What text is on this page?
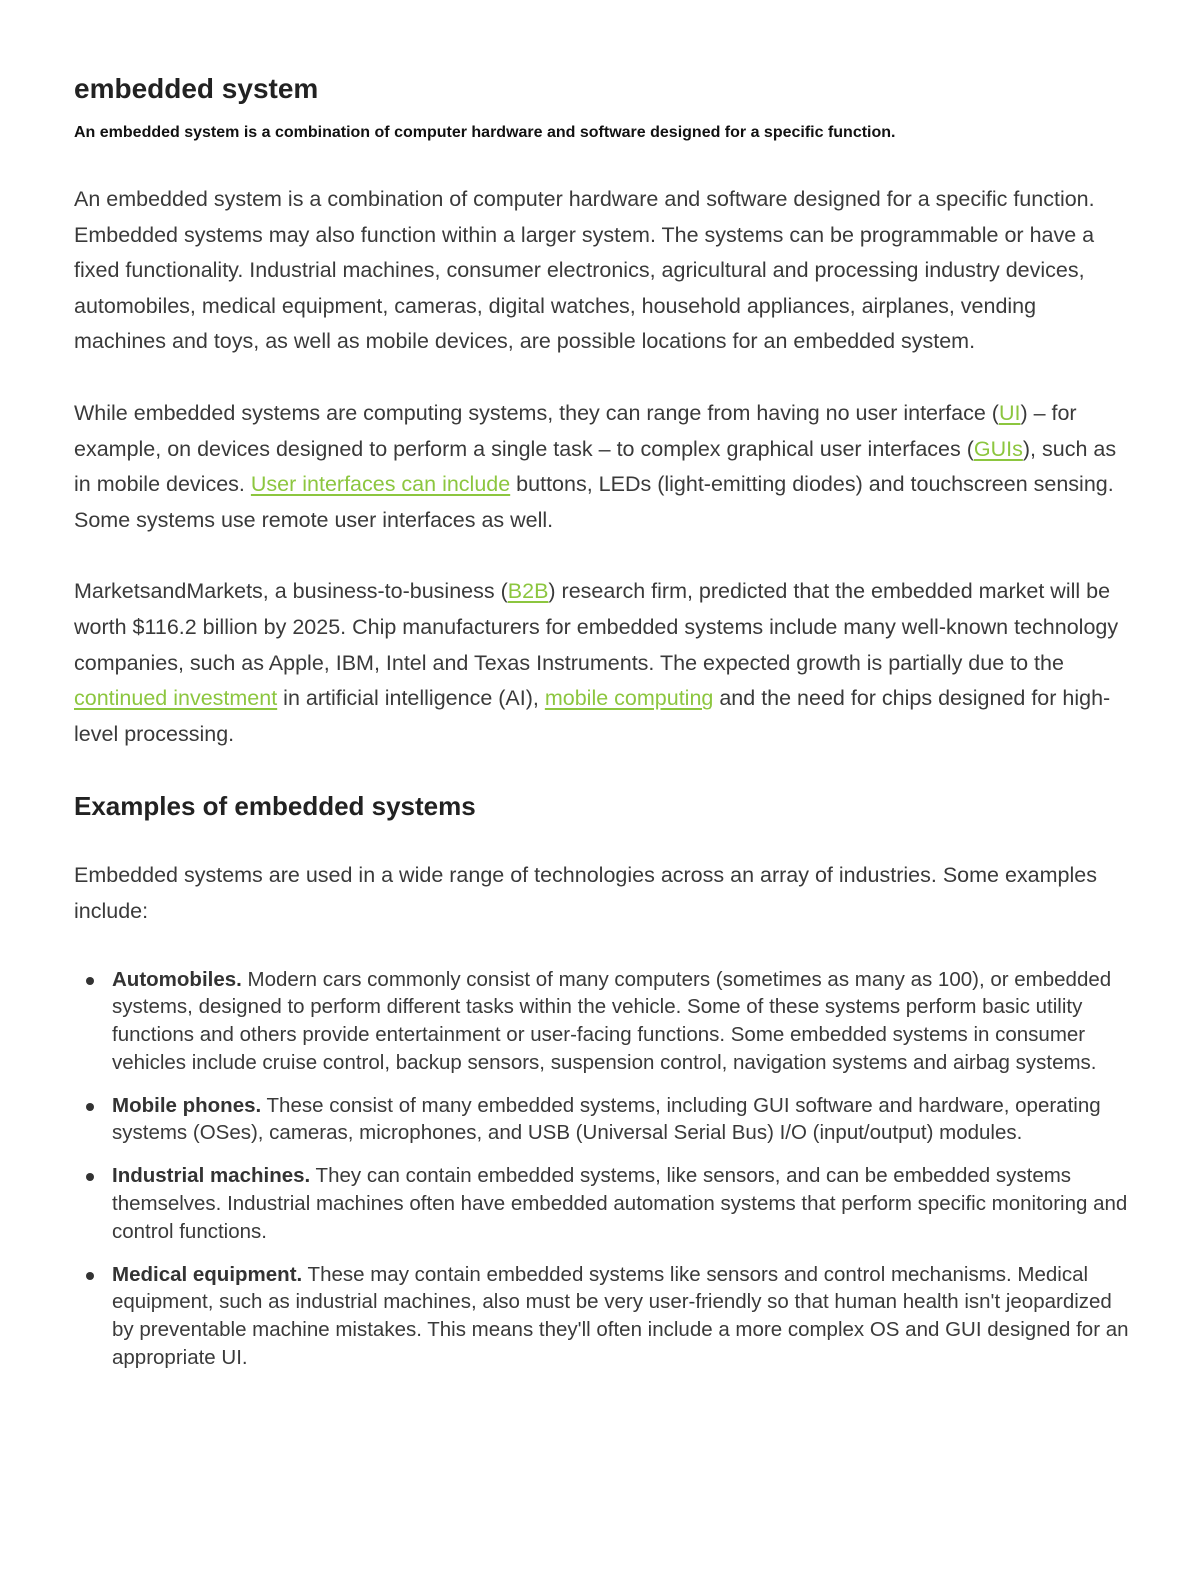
embedded system
An embedded system is a combination of computer hardware and software designed for a specific function.

An embedded system is a combination of computer hardware and software designed for a specific function. Embedded systems may also function within a larger system. The systems can be programmable or have a fixed functionality. Industrial machines, consumer electronics, agricultural and processing industry devices, automobiles, medical equipment, cameras, digital watches, household appliances, airplanes, vending machines and toys, as well as mobile devices, are possible locations for an embedded system.

While embedded systems are computing systems, they can range from having no user interface (UI) – for example, on devices designed to perform a single task – to complex graphical user interfaces (GUIs), such as in mobile devices. User interfaces can include buttons, LEDs (light-emitting diodes) and touchscreen sensing. Some systems use remote user interfaces as well.

MarketsandMarkets, a business-to-business (B2B) research firm, predicted that the embedded market will be worth $116.2 billion by 2025. Chip manufacturers for embedded systems include many well-known technology companies, such as Apple, IBM, Intel and Texas Instruments. The expected growth is partially due to the continued investment in artificial intelligence (AI), mobile computing and the need for chips designed for high-level processing.

Examples of embedded systems

Embedded systems are used in a wide range of technologies across an array of industries. Some examples include:

Automobiles. Modern cars commonly consist of many computers (sometimes as many as 100), or embedded systems, designed to perform different tasks within the vehicle. Some of these systems perform basic utility functions and others provide entertainment or user-facing functions. Some embedded systems in consumer vehicles include cruise control, backup sensors, suspension control, navigation systems and airbag systems.
Mobile phones. These consist of many embedded systems, including GUI software and hardware, operating systems (OSes), cameras, microphones, and USB (Universal Serial Bus) I/O (input/output) modules.
Industrial machines. They can contain embedded systems, like sensors, and can be embedded systems themselves. Industrial machines often have embedded automation systems that perform specific monitoring and control functions.
Medical equipment. These may contain embedded systems like sensors and control mechanisms. Medical equipment, such as industrial machines, also must be very user-friendly so that human health isn't jeopardized by preventable machine mistakes. This means they'll often include a more complex OS and GUI designed for an appropriate UI.
